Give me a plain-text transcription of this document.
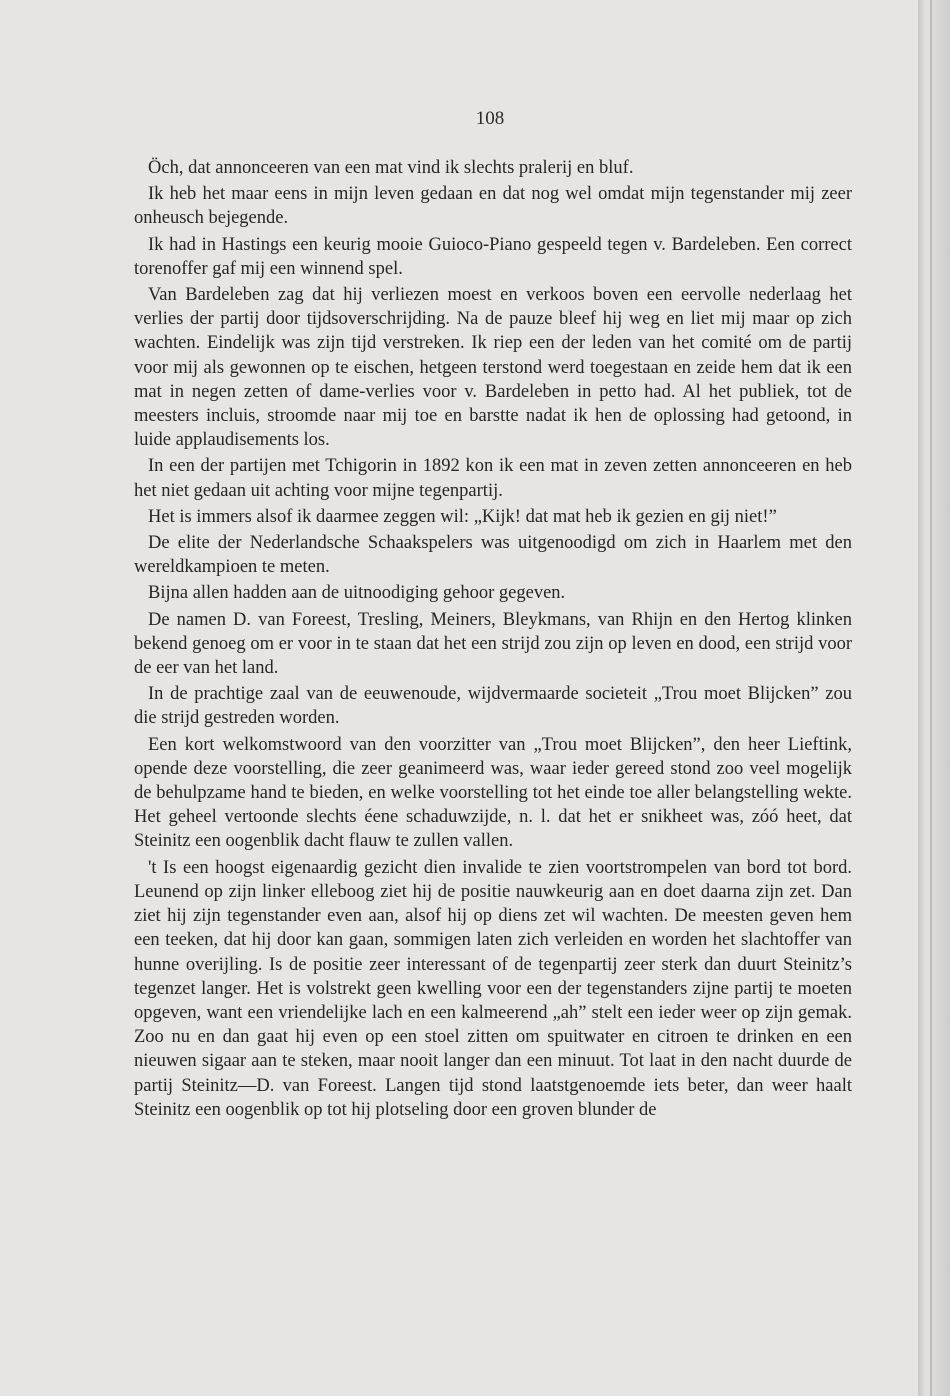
108

Öch, dat annonceeren van een mat vind ik slechts pralerij en bluf.

Ik heb het maar eens in mijn leven gedaan en dat nog wel omdat mijn tegenstander mij zeer onheusch bejegende.

Ik had in Hastings een keurig mooie Guioco-Piano gespeeld tegen v. Bardeleben. Een correct torenoffer gaf mij een winnend spel.

Van Bardeleben zag dat hij verliezen moest en verkoos boven een eervolle nederlaag het verlies der partij door tijdsoverschrijding. Na de pauze bleef hij weg en liet mij maar op zich wachten. Eindelijk was zijn tijd verstreken. Ik riep een der leden van het comité om de partij voor mij als gewonnen op te eischen, hetgeen terstond werd toegestaan en zeide hem dat ik een mat in negen zetten of dame-verlies voor v. Bardeleben in petto had. Al het publiek, tot de meesters incluis, stroomde naar mij toe en barstte nadat ik hen de oplossing had getoond, in luide applaudisements los.

In een der partijen met Tchigorin in 1892 kon ik een mat in zeven zetten annonceeren en heb het niet gedaan uit achting voor mijne tegenpartij.

Het is immers alsof ik daarmee zeggen wil: „Kijk! dat mat heb ik gezien en gij niet!”

De elite der Nederlandsche Schaakspelers was uitgenoodigd om zich in Haarlem met den wereldkampioen te meten.

Bijna allen hadden aan de uitnoodiging gehoor gegeven.

De namen D. van Foreest, Tresling, Meiners, Bleykmans, van Rhijn en den Hertog klinken bekend genoeg om er voor in te staan dat het een strijd zou zijn op leven en dood, een strijd voor de eer van het land.

In de prachtige zaal van de eeuwenoude, wijdvermaarde societeit „Trou moet Blijcken” zou die strijd gestreden worden.

Een kort welkomstwoord van den voorzitter van „Trou moet Blijcken”, den heer Lieftink, opende deze voorstelling, die zeer geanimeerd was, waar ieder gereed stond zoo veel mogelijk de behulpzame hand te bieden, en welke voorstelling tot het einde toe aller belangstelling wekte. Het geheel vertoonde slechts éene schaduwzijde, n. l. dat het er snikheet was, zóó heet, dat Steinitz een oogenblik dacht flauw te zullen vallen.

't Is een hoogst eigenaardig gezicht dien invalide te zien voortstrompelen van bord tot bord. Leunend op zijn linker elleboog ziet hij de positie nauwkeurig aan en doet daarna zijn zet. Dan ziet hij zijn tegenstander even aan, alsof hij op diens zet wil wachten. De meesten geven hem een teeken, dat hij door kan gaan, sommigen laten zich verleiden en worden het slachtoffer van hunne overijling. Is de positie zeer interessant of de tegenpartij zeer sterk dan duurt Steinitz’s tegenzet langer. Het is volstrekt geen kwelling voor een der tegenstanders zijne partij te moeten opgeven, want een vriendelijke lach en een kalmeerend „ah” stelt een ieder weer op zijn gemak. Zoo nu en dan gaat hij even op een stoel zitten om spuitwater en citroen te drinken en een nieuwen sigaar aan te steken, maar nooit langer dan een minuut. Tot laat in den nacht duurde de partij Steinitz—D. van Foreest. Langen tijd stond laatstgenoemde iets beter, dan weer haalt Steinitz een oogenblik op tot hij plotseling door een groven blunder de
